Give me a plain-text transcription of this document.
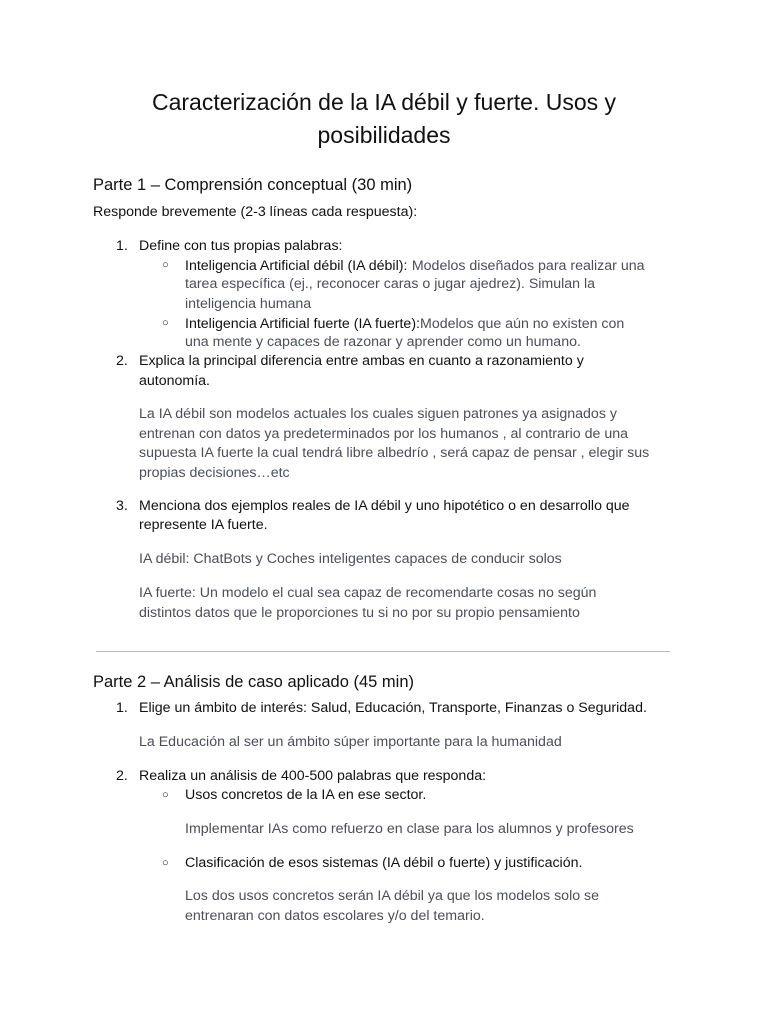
Caracterización de la IA débil y fuerte. Usos y
posibilidades
Parte 1 – Comprensión conceptual (30 min)
Responde brevemente (2-3 líneas cada respuesta):
1. Define con tus propias palabras:
○ Inteligencia Artificial débil (IA débil): Modelos diseñados para realizar una
tarea específica (ej., reconocer caras o jugar ajedrez). Simulan la
inteligencia humana
○ Inteligencia Artificial fuerte (IA fuerte):Modelos que aún no existen con
una mente y capaces de razonar y aprender como un humano.
2. Explica la principal diferencia entre ambas en cuanto a razonamiento y
autonomía.
La IA débil son modelos actuales los cuales siguen patrones ya asignados y
entrenan con datos ya predeterminados por los humanos , al contrario de una
supuesta IA fuerte la cual tendrá libre albedrío , será capaz de pensar , elegir sus
propias decisiones…etc
3. Menciona dos ejemplos reales de IA débil y uno hipotético o en desarrollo que
represente IA fuerte.
IA débil: ChatBots y Coches inteligentes capaces de conducir solos
IA fuerte: Un modelo el cual sea capaz de recomendarte cosas no según
distintos datos que le proporciones tu si no por su propio pensamiento
Parte 2 – Análisis de caso aplicado (45 min)
1. Elige un ámbito de interés: Salud, Educación, Transporte, Finanzas o Seguridad.
La Educación al ser un ámbito súper importante para la humanidad
2. Realiza un análisis de 400-500 palabras que responda:
○ Usos concretos de la IA en ese sector.
Implementar IAs como refuerzo en clase para los alumnos y profesores
○ Clasificación de esos sistemas (IA débil o fuerte) y justificación.
Los dos usos concretos serán IA débil ya que los modelos solo se
entrenaran con datos escolares y/o del temario.
